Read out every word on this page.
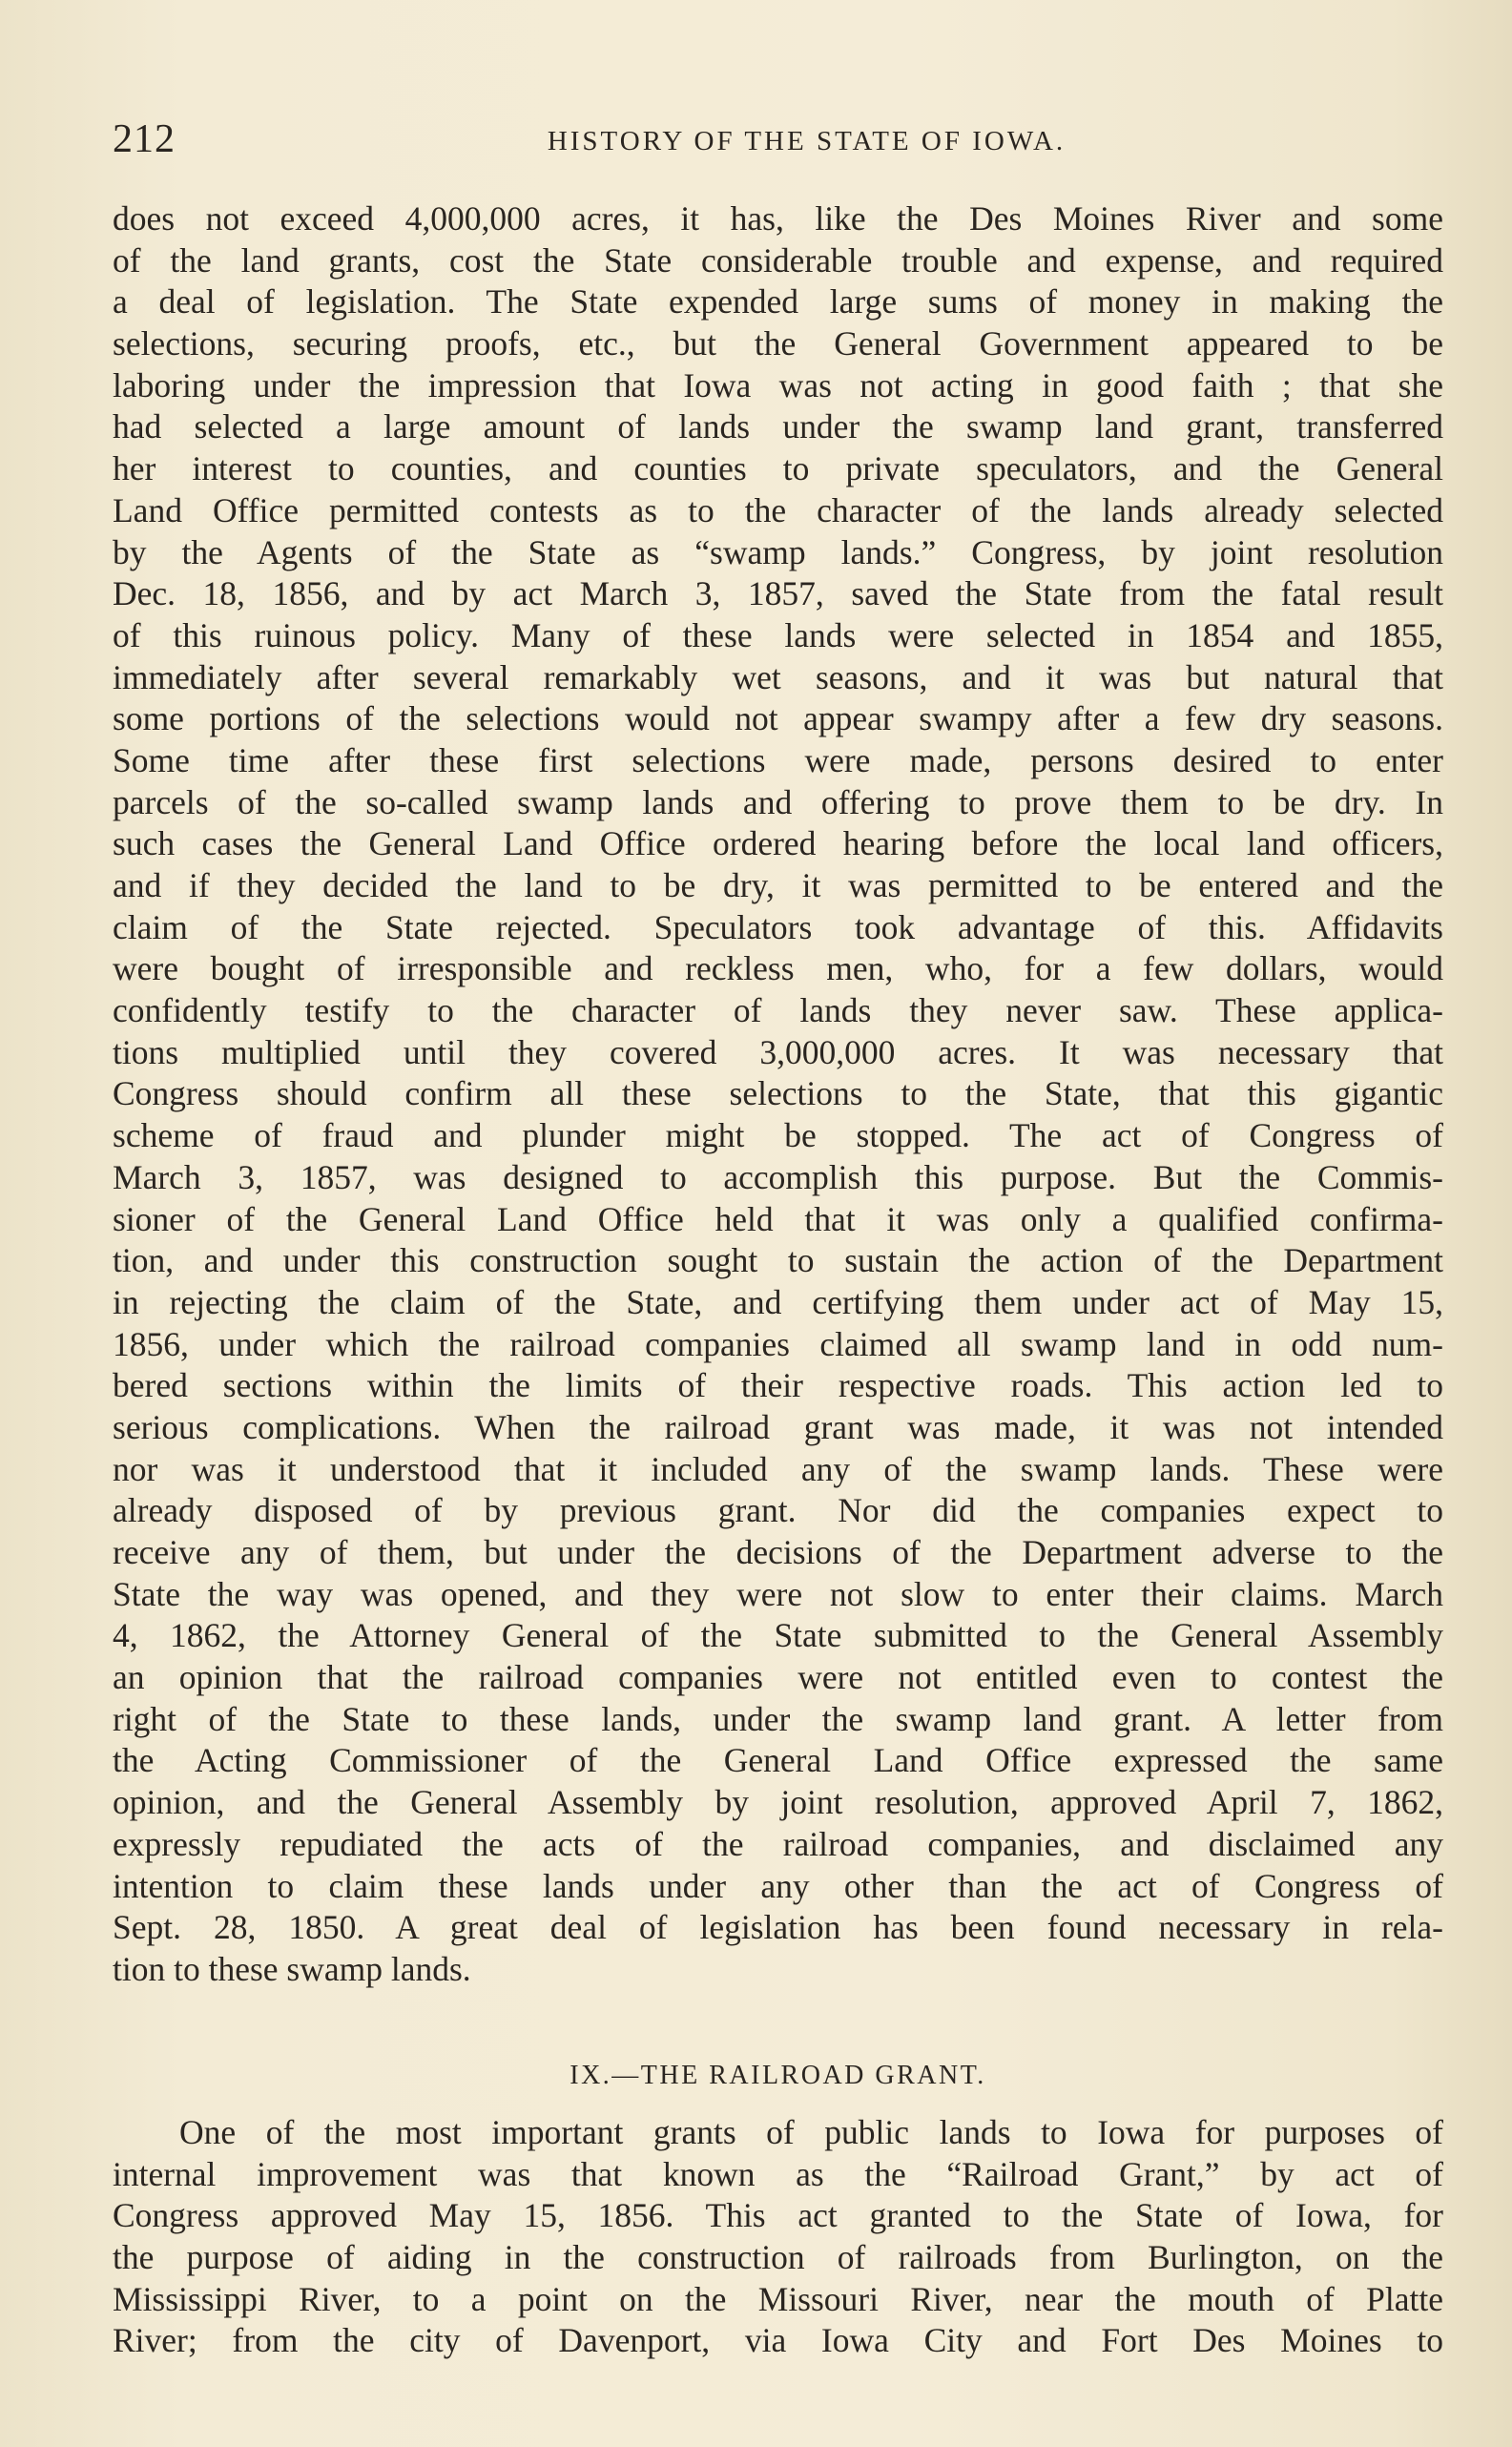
212	HISTORY OF THE STATE OF IOWA.
does not exceed 4,000,000 acres, it has, like the Des Moines River and some
of the land grants, cost the State considerable trouble and expense, and required
a deal of legislation. The State expended large sums of money in making the
selections, securing proofs, etc., but the General Government appeared to be
laboring under the impression that Iowa was not acting in good faith ; that she
had selected a large amount of lands under the swamp land grant, transferred
her interest to counties, and counties to private speculators, and the General
Land Office permitted contests as to the character of the lands already selected
by the Agents of the State as “swamp lands.” Congress, by joint resolution
Dec. 18, 1856, and by act March 3, 1857, saved the State from the fatal result
of this ruinous policy. Many of these lands were selected in 1854 and 1855,
immediately after several remarkably wet seasons, and it was but natural that
some portions of the selections would not appear swampy after a few dry seasons.
Some time after these first selections were made, persons desired to enter
parcels of the so-called swamp lands and offering to prove them to be dry. In
such cases the General Land Office ordered hearing before the local land officers,
and if they decided the land to be dry, it was permitted to be entered and the
claim of the State rejected. Speculators took advantage of this. Affidavits
were bought of irresponsible and reckless men, who, for a few dollars, would
confidently testify to the character of lands they never saw. These applica-
tions multiplied until they covered 3,000,000 acres. It was necessary that
Congress should confirm all these selections to the State, that this gigantic
scheme of fraud and plunder might be stopped. The act of Congress of
March 3, 1857, was designed to accomplish this purpose. But the Commis-
sioner of the General Land Office held that it was only a qualified confirma-
tion, and under this construction sought to sustain the action of the Department
in rejecting the claim of the State, and certifying them under act of May 15,
1856, under which the railroad companies claimed all swamp land in odd num-
bered sections within the limits of their respective roads. This action led to
serious complications. When the railroad grant was made, it was not intended
nor was it understood that it included any of the swamp lands. These were
already disposed of by previous grant. Nor did the companies expect to
receive any of them, but under the decisions of the Department adverse to the
State the way was opened, and they were not slow to enter their claims. March
4, 1862, the Attorney General of the State submitted to the General Assembly
an opinion that the railroad companies were not entitled even to contest the
right of the State to these lands, under the swamp land grant. A letter from
the Acting Commissioner of the General Land Office expressed the same
opinion, and the General Assembly by joint resolution, approved April 7, 1862,
expressly repudiated the acts of the railroad companies, and disclaimed any
intention to claim these lands under any other than the act of Congress of
Sept. 28, 1850. A great deal of legislation has been found necessary in rela-
tion to these swamp lands.
IX.—THE RAILROAD GRANT.
One of the most important grants of public lands to Iowa for purposes of
internal improvement was that known as the “Railroad Grant,” by act of
Congress approved May 15, 1856. This act granted to the State of Iowa, for
the purpose of aiding in the construction of railroads from Burlington, on the
Mississippi River, to a point on the Missouri River, near the mouth of Platte
River; from the city of Davenport, via Iowa City and Fort Des Moines to
